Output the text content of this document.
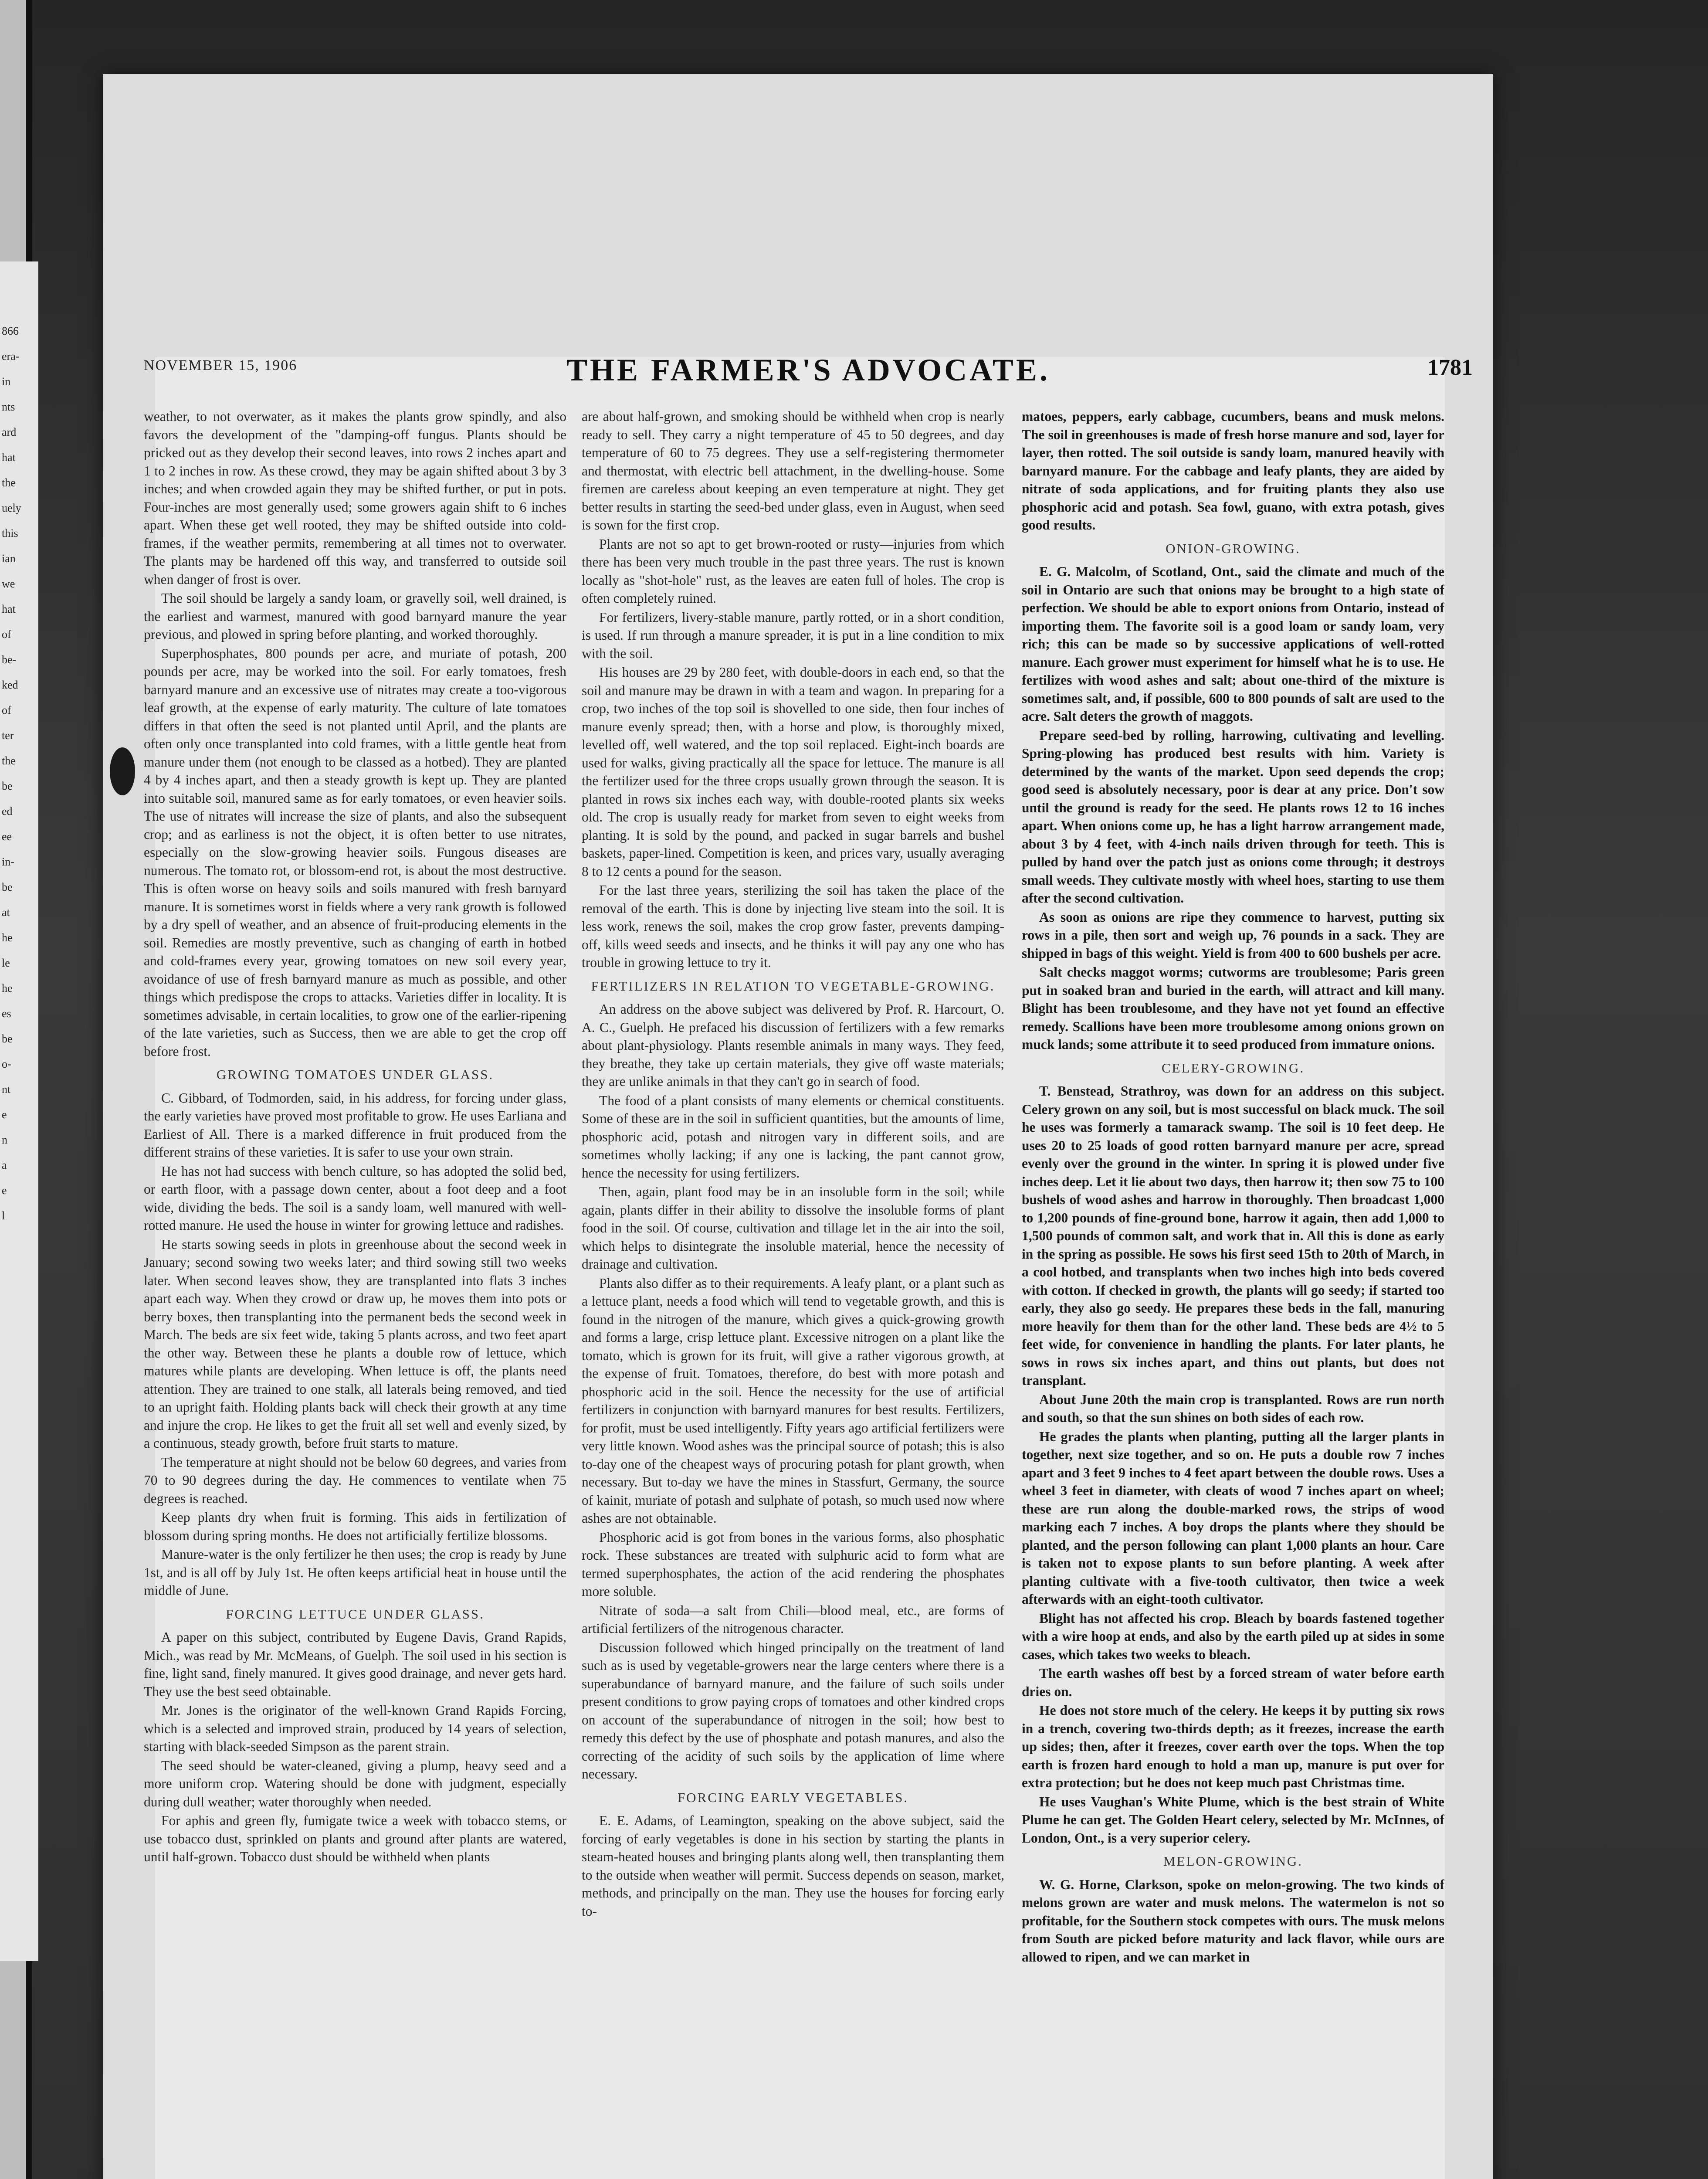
866
era-
in
nts
ard
hat
the
uely
this
ian
we
hat
of
be-
ked
of
ter
the
be
ed
ee
in-
be
at
he
le
he
es
be
o-
nt
e
n
a
e
l
NOVEMBER 15, 1906	THE FARMER'S ADVOCATE.	1781

weather, to not overwater, as it makes the plants grow spindly, and also favors the development of the "damping-off fungus. Plants should be pricked out as they develop their second leaves, into rows 2 inches apart and 1 to 2 inches in row. As these crowd, they may be again shifted about 3 by 3 inches; and when crowded again they may be shifted further, or put in pots. Four-inches are most generally used; some growers again shift to 6 inches apart. When these get well rooted, they may be shifted outside into cold-frames, if the weather permits, remembering at all times not to overwater. The plants may be hardened off this way, and transferred to outside soil when danger of frost is over.

The soil should be largely a sandy loam, or gravelly soil, well drained, is the earliest and warmest, manured with good barnyard manure the year previous, and plowed in spring before planting, and worked thoroughly.

Superphosphates, 800 pounds per acre, and muriate of potash, 200 pounds per acre, may be worked into the soil. For early tomatoes, fresh barnyard manure and an excessive use of nitrates may create a too-vigorous leaf growth, at the expense of early maturity. The culture of late tomatoes differs in that often the seed is not planted until April, and the plants are often only once transplanted into cold frames, with a little gentle heat from manure under them (not enough to be classed as a hotbed). They are planted 4 by 4 inches apart, and then a steady growth is kept up. They are planted into suitable soil, manured same as for early tomatoes, or even heavier soils. The use of nitrates will increase the size of plants, and also the subsequent crop; and as earliness is not the object, it is often better to use nitrates, especially on the slow-growing heavier soils. Fungous diseases are numerous. The tomato rot, or blossom-end rot, is about the most destructive. This is often worse on heavy soils and soils manured with fresh barnyard manure. It is sometimes worst in fields where a very rank growth is followed by a dry spell of weather, and an absence of fruit-producing elements in the soil. Remedies are mostly preventive, such as changing of earth in hotbed and cold-frames every year, growing tomatoes on new soil every year, avoidance of use of fresh barnyard manure as much as possible, and other things which predispose the crops to attacks. Varieties differ in locality. It is sometimes advisable, in certain localities, to grow one of the earlier-ripening of the late varieties, such as Success, then we are able to get the crop off before frost.

GROWING TOMATOES UNDER GLASS.

C. Gibbard, of Todmorden, said, in his address, for forcing under glass, the early varieties have proved most profitable to grow. He uses Earliana and Earliest of All. There is a marked difference in fruit produced from the different strains of these varieties. It is safer to use your own strain.

He has not had success with bench culture, so has adopted the solid bed, or earth floor, with a passage down center, about a foot deep and a foot wide, dividing the beds. The soil is a sandy loam, well manured with well-rotted manure. He used the house in winter for growing lettuce and radishes.

He starts sowing seeds in plots in greenhouse about the second week in January; second sowing two weeks later; and third sowing still two weeks later. When second leaves show, they are transplanted into flats 3 inches apart each way. When they crowd or draw up, he moves them into pots or berry boxes, then transplanting into the permanent beds the second week in March. The beds are six feet wide, taking 5 plants across, and two feet apart the other way. Between these he plants a double row of lettuce, which matures while plants are developing. When lettuce is off, the plants need attention. They are trained to one stalk, all laterals being removed, and tied to an upright faith. Holding plants back will check their growth at any time and injure the crop. He likes to get the fruit all set well and evenly sized, by a continuous, steady growth, before fruit starts to mature.

The temperature at night should not be below 60 degrees, and varies from 70 to 90 degrees during the day. He commences to ventilate when 75 degrees is reached.

Keep plants dry when fruit is forming. This aids in fertilization of blossom during spring months. He does not artificially fertilize blossoms.

Manure-water is the only fertilizer he then uses; the crop is ready by June 1st, and is all off by July 1st. He often keeps artificial heat in house until the middle of June.

FORCING LETTUCE UNDER GLASS.

A paper on this subject, contributed by Eugene Davis, Grand Rapids, Mich., was read by Mr. McMeans, of Guelph. The soil used in his section is fine, light sand, finely manured. It gives good drainage, and never gets hard. They use the best seed obtainable.

Mr. Jones is the originator of the well-known Grand Rapids Forcing, which is a selected and improved strain, produced by 14 years of selection, starting with black-seeded Simpson as the parent strain.

The seed should be water-cleaned, giving a plump, heavy seed and a more uniform crop. Watering should be done with judgment, especially during dull weather; water thoroughly when needed.

For aphis and green fly, fumigate twice a week with tobacco stems, or use tobacco dust, sprinkled on plants and ground after plants are watered, until half-grown. Tobacco dust should be withheld when plants

are about half-grown, and smoking should be withheld when crop is nearly ready to sell. They carry a night temperature of 45 to 50 degrees, and day temperature of 60 to 75 degrees. They use a self-registering thermometer and thermostat, with electric bell attachment, in the dwelling-house. Some firemen are careless about keeping an even temperature at night. They get better results in starting the seed-bed under glass, even in August, when seed is sown for the first crop.

Plants are not so apt to get brown-rooted or rusty—injuries from which there has been very much trouble in the past three years. The rust is known locally as "shot-hole" rust, as the leaves are eaten full of holes. The crop is often completely ruined.

For fertilizers, livery-stable manure, partly rotted, or in a short condition, is used. If run through a manure spreader, it is put in a line condition to mix with the soil.

His houses are 29 by 280 feet, with double-doors in each end, so that the soil and manure may be drawn in with a team and wagon. In preparing for a crop, two inches of the top soil is shovelled to one side, then four inches of manure evenly spread; then, with a horse and plow, is thoroughly mixed, levelled off, well watered, and the top soil replaced. Eight-inch boards are used for walks, giving practically all the space for lettuce. The manure is all the fertilizer used for the three crops usually grown through the season. It is planted in rows six inches each way, with double-rooted plants six weeks old. The crop is usually ready for market from seven to eight weeks from planting. It is sold by the pound, and packed in sugar barrels and bushel baskets, paper-lined. Competition is keen, and prices vary, usually averaging 8 to 12 cents a pound for the season.

For the last three years, sterilizing the soil has taken the place of the removal of the earth. This is done by injecting live steam into the soil. It is less work, renews the soil, makes the crop grow faster, prevents damping-off, kills weed seeds and insects, and he thinks it will pay any one who has trouble in growing lettuce to try it.

FERTILIZERS IN RELATION TO VEGETABLE-GROWING.

An address on the above subject was delivered by Prof. R. Harcourt, O. A. C., Guelph. He prefaced his discussion of fertilizers with a few remarks about plant-physiology. Plants resemble animals in many ways. They feed, they breathe, they take up certain materials, they give off waste materials; they are unlike animals in that they can't go in search of food.

The food of a plant consists of many elements or chemical constituents. Some of these are in the soil in sufficient quantities, but the amounts of lime, phosphoric acid, potash and nitrogen vary in different soils, and are sometimes wholly lacking; if any one is lacking, the pant cannot grow, hence the necessity for using fertilizers.

Then, again, plant food may be in an insoluble form in the soil; while again, plants differ in their ability to dissolve the insoluble forms of plant food in the soil. Of course, cultivation and tillage let in the air into the soil, which helps to disintegrate the insoluble material, hence the necessity of drainage and cultivation.

Plants also differ as to their requirements. A leafy plant, or a plant such as a lettuce plant, needs a food which will tend to vegetable growth, and this is found in the nitrogen of the manure, which gives a quick-growing growth and forms a large, crisp lettuce plant. Excessive nitrogen on a plant like the tomato, which is grown for its fruit, will give a rather vigorous growth, at the expense of fruit. Tomatoes, therefore, do best with more potash and phosphoric acid in the soil. Hence the necessity for the use of artificial fertilizers in conjunction with barnyard manures for best results. Fertilizers, for profit, must be used intelligently. Fifty years ago artificial fertilizers were very little known. Wood ashes was the principal source of potash; this is also to-day one of the cheapest ways of procuring potash for plant growth, when necessary. But to-day we have the mines in Stassfurt, Germany, the source of kainit, muriate of potash and sulphate of potash, so much used now where ashes are not obtainable.

Phosphoric acid is got from bones in the various forms, also phosphatic rock. These substances are treated with sulphuric acid to form what are termed superphosphates, the action of the acid rendering the phosphates more soluble.

Nitrate of soda—a salt from Chili—blood meal, etc., are forms of artificial fertilizers of the nitrogenous character.

Discussion followed which hinged principally on the treatment of land such as is used by vegetable-growers near the large centers where there is a superabundance of barnyard manure, and the failure of such soils under present conditions to grow paying crops of tomatoes and other kindred crops on account of the superabundance of nitrogen in the soil; how best to remedy this defect by the use of phosphate and potash manures, and also the correcting of the acidity of such soils by the application of lime where necessary.

FORCING EARLY VEGETABLES.

E. E. Adams, of Leamington, speaking on the above subject, said the forcing of early vegetables is done in his section by starting the plants in steam-heated houses and bringing plants along well, then transplanting them to the outside when weather will permit. Success depends on season, market, methods, and principally on the man. They use the houses for forcing early to-

matoes, peppers, early cabbage, cucumbers, beans and musk melons. The soil in greenhouses is made of fresh horse manure and sod, layer for layer, then rotted. The soil outside is sandy loam, manured heavily with barnyard manure. For the cabbage and leafy plants, they are aided by nitrate of soda applications, and for fruiting plants they also use phosphoric acid and potash. Sea fowl, guano, with extra potash, gives good results.

ONION-GROWING.

E. G. Malcolm, of Scotland, Ont., said the climate and much of the soil in Ontario are such that onions may be brought to a high state of perfection. We should be able to export onions from Ontario, instead of importing them. The favorite soil is a good loam or sandy loam, very rich; this can be made so by successive applications of well-rotted manure. Each grower must experiment for himself what he is to use. He fertilizes with wood ashes and salt; about one-third of the mixture is sometimes salt, and, if possible, 600 to 800 pounds of salt are used to the acre. Salt deters the growth of maggots.

Prepare seed-bed by rolling, harrowing, cultivating and levelling. Spring-plowing has produced best results with him. Variety is determined by the wants of the market. Upon seed depends the crop; good seed is absolutely necessary, poor is dear at any price. Don't sow until the ground is ready for the seed. He plants rows 12 to 16 inches apart. When onions come up, he has a light harrow arrangement made, about 3 by 4 feet, with 4-inch nails driven through for teeth. This is pulled by hand over the patch just as onions come through; it destroys small weeds. They cultivate mostly with wheel hoes, starting to use them after the second cultivation.

As soon as onions are ripe they commence to harvest, putting six rows in a pile, then sort and weigh up, 76 pounds in a sack. They are shipped in bags of this weight. Yield is from 400 to 600 bushels per acre.

Salt checks maggot worms; cutworms are troublesome; Paris green put in soaked bran and buried in the earth, will attract and kill many. Blight has been troublesome, and they have not yet found an effective remedy. Scallions have been more troublesome among onions grown on muck lands; some attribute it to seed produced from immature onions.

CELERY-GROWING.

T. Benstead, Strathroy, was down for an address on this subject. Celery grown on any soil, but is most successful on black muck. The soil he uses was formerly a tamarack swamp. The soil is 10 feet deep. He uses 20 to 25 loads of good rotten barnyard manure per acre, spread evenly over the ground in the winter. In spring it is plowed under five inches deep. Let it lie about two days, then harrow it; then sow 75 to 100 bushels of wood ashes and harrow in thoroughly. Then broadcast 1,000 to 1,200 pounds of fine-ground bone, harrow it again, then add 1,000 to 1,500 pounds of common salt, and work that in. All this is done as early in the spring as possible. He sows his first seed 15th to 20th of March, in a cool hotbed, and transplants when two inches high into beds covered with cotton. If checked in growth, the plants will go seedy; if started too early, they also go seedy. He prepares these beds in the fall, manuring more heavily for them than for the other land. These beds are 4½ to 5 feet wide, for convenience in handling the plants. For later plants, he sows in rows six inches apart, and thins out plants, but does not transplant.

About June 20th the main crop is transplanted. Rows are run north and south, so that the sun shines on both sides of each row.

He grades the plants when planting, putting all the larger plants in together, next size together, and so on. He puts a double row 7 inches apart and 3 feet 9 inches to 4 feet apart between the double rows. Uses a wheel 3 feet in diameter, with cleats of wood 7 inches apart on wheel; these are run along the double-marked rows, the strips of wood marking each 7 inches. A boy drops the plants where they should be planted, and the person following can plant 1,000 plants an hour. Care is taken not to expose plants to sun before planting. A week after planting cultivate with a five-tooth cultivator, then twice a week afterwards with an eight-tooth cultivator.

Blight has not affected his crop. Bleach by boards fastened together with a wire hoop at ends, and also by the earth piled up at sides in some cases, which takes two weeks to bleach.

The earth washes off best by a forced stream of water before earth dries on.

He does not store much of the celery. He keeps it by putting six rows in a trench, covering two-thirds depth; as it freezes, increase the earth up sides; then, after it freezes, cover earth over the tops. When the top earth is frozen hard enough to hold a man up, manure is put over for extra protection; but he does not keep much past Christmas time.

He uses Vaughan's White Plume, which is the best strain of White Plume he can get. The Golden Heart celery, selected by Mr. McInnes, of London, Ont., is a very superior celery.

MELON-GROWING.

W. G. Horne, Clarkson, spoke on melon-growing. The two kinds of melons grown are water and musk melons. The watermelon is not so profitable, for the Southern stock competes with ours. The musk melons from South are picked before maturity and lack flavor, while ours are allowed to ripen, and we can market in
